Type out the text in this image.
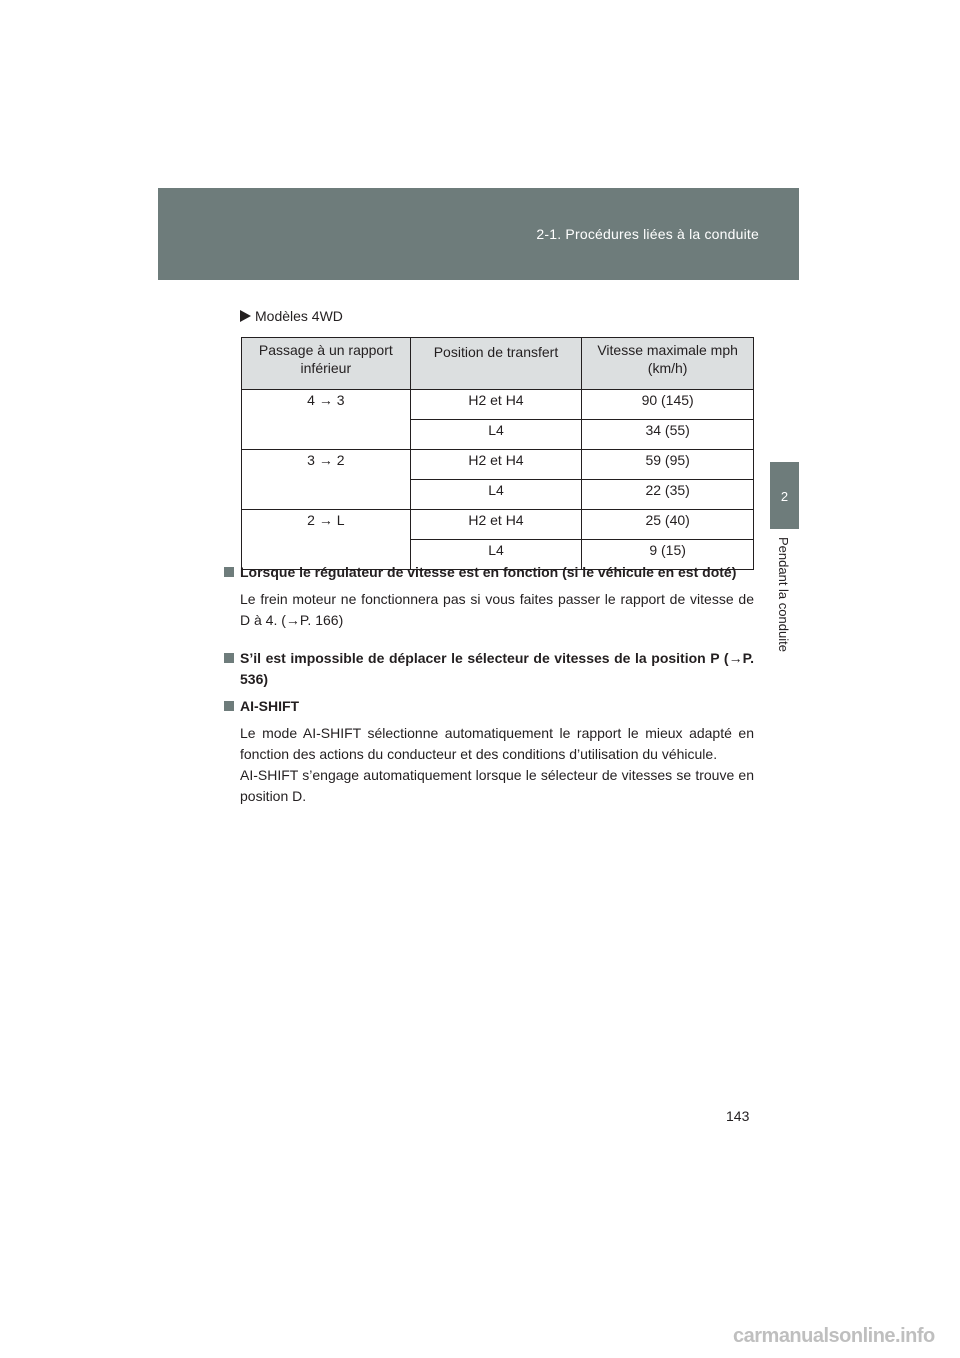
2-1. Procédures liées à la conduite
2
Pendant la conduite
Modèles 4WD
Passage à un rapport inférieur	Position de transfert	Vitesse maximale mph (km/h)
4 → 3	H2 et H4	90 (145)
	L4	34 (55)
3 → 2	H2 et H4	59 (95)
	L4	22 (35)
2 → L	H2 et H4	25 (40)
	L4	9 (15)
Lorsque le régulateur de vitesse est en fonction (si le véhicule en est doté)
Le frein moteur ne fonctionnera pas si vous faites passer le rapport de vitesse de D à 4. (→P. 166)
S’il est impossible de déplacer le sélecteur de vitesses de la position P (→P. 536)
AI-SHIFT
Le mode AI-SHIFT sélectionne automatiquement le rapport le mieux adapté en fonction des actions du conducteur et des conditions d’utilisation du véhicule.
AI-SHIFT s’engage automatiquement lorsque le sélecteur de vitesses se trouve en position D.
143
carmanualsonline.info
